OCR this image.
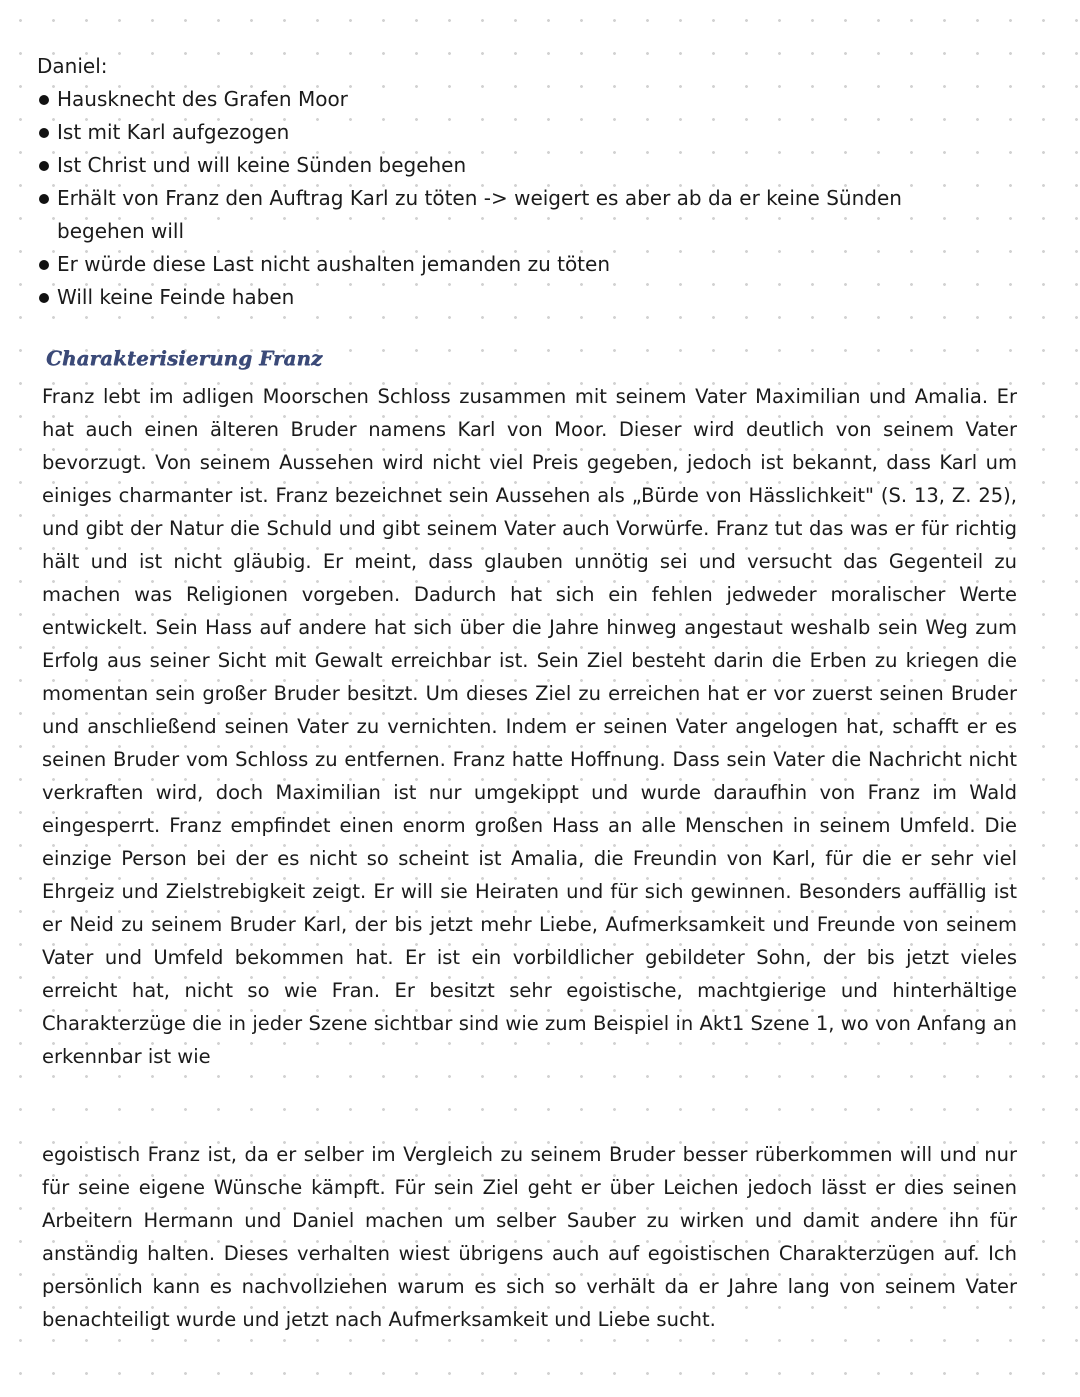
Daniel:

Hausknecht des Grafen Moor
Ist mit Karl aufgezogen
Ist Christ und will keine Sünden begehen
Erhält von Franz den Auftrag Karl zu töten -> weigert es aber ab da er keine Sünden begehen will
Er würde diese Last nicht aushalten jemanden zu töten
Will keine Feinde haben
Charakterisierung Franz

Franz lebt im adligen Moorschen Schloss zusammen mit seinem Vater Maximilian und Amalia. Er hat auch einen älteren Bruder namens Karl von Moor. Dieser wird deutlich von seinem Vater bevorzugt. Von seinem Aussehen wird nicht viel Preis gegeben, jedoch ist bekannt, dass Karl um einiges charmanter ist. Franz bezeichnet sein Aussehen als „Bürde von Hässlichkeit" (S. 13, Z. 25), und gibt der Natur die Schuld und gibt seinem Vater auch Vorwürfe. Franz tut das was er für richtig hält und ist nicht gläubig. Er meint, dass glauben unnötig sei und versucht das Gegenteil zu machen was Religionen vorgeben. Dadurch hat sich ein fehlen jedweder moralischer Werte entwickelt. Sein Hass auf andere hat sich über die Jahre hinweg angestaut weshalb sein Weg zum Erfolg aus seiner Sicht mit Gewalt erreichbar ist. Sein Ziel besteht darin die Erben zu kriegen die momentan sein großer Bruder besitzt. Um dieses Ziel zu erreichen hat er vor zuerst seinen Bruder und anschließend seinen Vater zu vernichten. Indem er seinen Vater angelogen hat, schafft er es seinen Bruder vom Schloss zu entfernen. Franz hatte Hoffnung. Dass sein Vater die Nachricht nicht verkraften wird, doch Maximilian ist nur umgekippt und wurde daraufhin von Franz im Wald eingesperrt. Franz empfindet einen enorm großen Hass an alle Menschen in seinem Umfeld. Die einzige Person bei der es nicht so scheint ist Amalia, die Freundin von Karl, für die er sehr viel Ehrgeiz und Zielstrebigkeit zeigt. Er will sie Heiraten und für sich gewinnen. Besonders auffällig ist er Neid zu seinem Bruder Karl, der bis jetzt mehr Liebe, Aufmerksamkeit und Freunde von seinem Vater und Umfeld bekommen hat. Er ist ein vorbildlicher gebildeter Sohn, der bis jetzt vieles erreicht hat, nicht so wie Fran. Er besitzt sehr egoistische, machtgierige und hinterhältige Charakterzüge die in jeder Szene sichtbar sind wie zum Beispiel in Akt1 Szene 1, wo von Anfang an erkennbar ist wie

egoistisch Franz ist, da er selber im Vergleich zu seinem Bruder besser rüberkommen will und nur für seine eigene Wünsche kämpft. Für sein Ziel geht er über Leichen jedoch lässt er dies seinen Arbeitern Hermann und Daniel machen um selber Sauber zu wirken und damit andere ihn für anständig halten. Dieses verhalten wiest übrigens auch auf egoistischen Charakterzügen auf. Ich persönlich kann es nachvollziehen warum es sich so verhält da er Jahre lang von seinem Vater benachteiligt wurde und jetzt nach Aufmerksamkeit und Liebe sucht.
